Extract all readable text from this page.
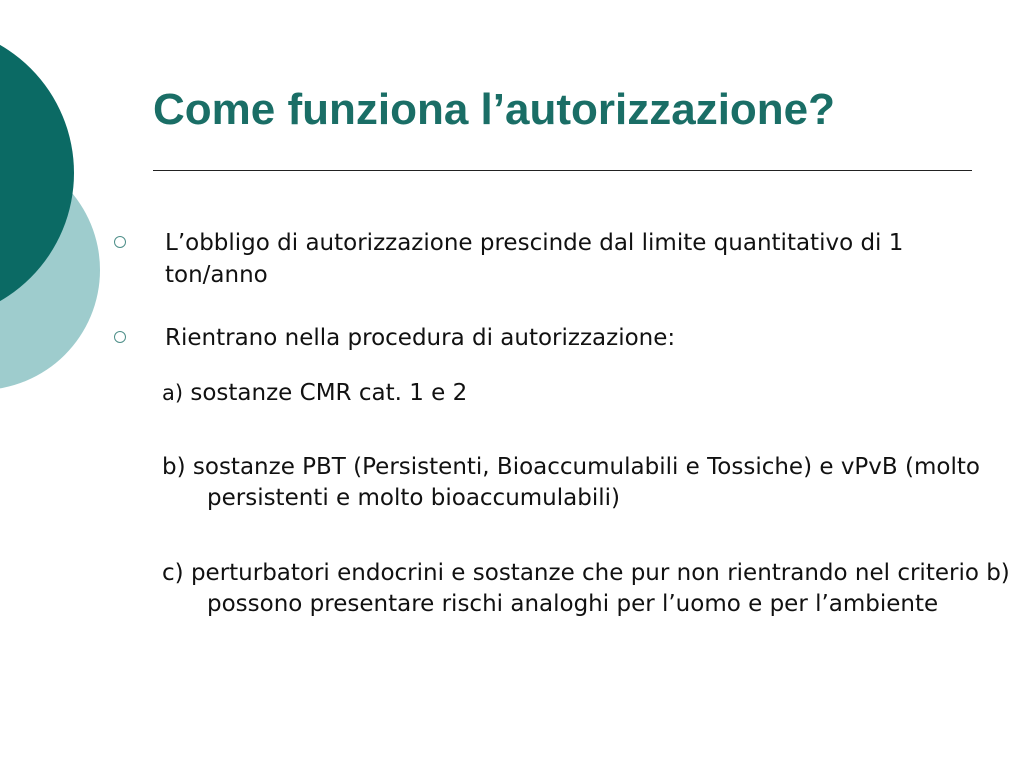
Come funziona l’autorizzazione?
L’obbligo di autorizzazione prescinde dal limite quantitativo di 1 ton/anno
Rientrano nella procedura di autorizzazione:
a) sostanze CMR cat. 1 e 2
b) sostanze PBT (Persistenti, Bioaccumulabili e Tossiche) e vPvB (molto persistenti e molto bioaccumulabili)
c) perturbatori endocrini e sostanze che pur non rientrando nel criterio b) possono presentare rischi analoghi per l’uomo e per l’ambiente
